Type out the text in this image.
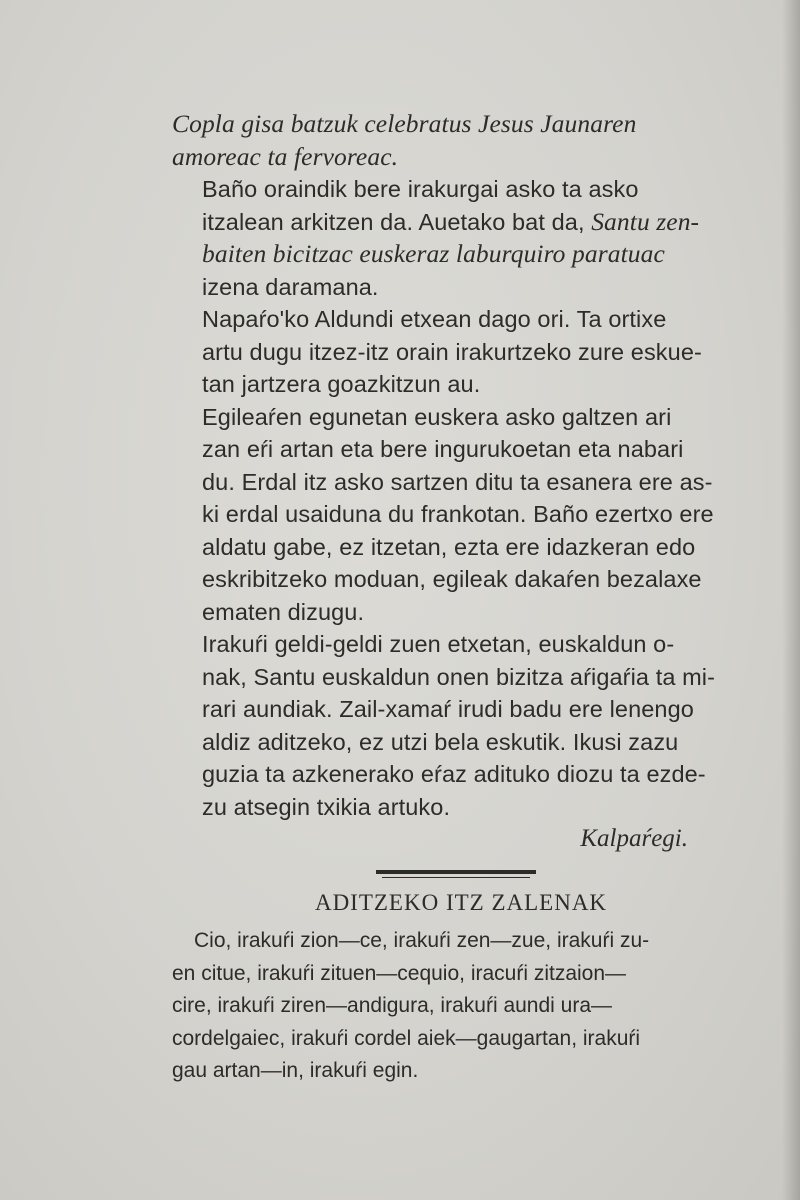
Copla gisa batzuk celebratus Jesus Jaunaren
amoreac ta fervoreac.

Baño oraindik bere irakurgai asko ta asko
itzalean arkitzen da. Auetako bat da, Santu zen-
baiten bicitzac euskeraz laburquiro paratuac
izena daramana.

Napaŕo'ko Aldundi etxean dago ori. Ta ortixe
artu dugu itzez-itz orain irakurtzeko zure eskue-
tan jartzera goazkitzun au.

Egileaŕen egunetan euskera asko galtzen ari
zan eŕi artan eta bere ingurukoetan eta nabari
du. Erdal itz asko sartzen ditu ta esanera ere as-
ki erdal usaiduna du frankotan. Baño ezertxo ere
aldatu gabe, ez itzetan, ezta ere idazkeran edo
eskribitzeko moduan, egileak dakaŕen bezalaxe
ematen dizugu.

Irakuŕi geldi-geldi zuen etxetan, euskaldun o-
nak, Santu euskaldun onen bizitza aŕigaŕia ta mi-
rari aundiak. Zail-xamaŕ irudi badu ere lenengo
aldiz aditzeko, ez utzi bela eskutik. Ikusi zazu
guzia ta azkenerako eŕaz adituko diozu ta ezde-
zu atsegin txikia artuko.

Kalpaŕegi.
ADITZEKO ITZ ZALENAK
Cio, irakuŕi zion—ce, irakuŕi zen—zue, irakuŕi zu-
en citue, irakuŕi zituen—cequio, iracuŕi zitzaion—
cire, irakuŕi ziren—andigura, irakuŕi aundi ura—
cordelgaiec, irakuŕi cordel aiek—gaugartan, irakuŕi
gau artan—in, irakuŕi egin.
